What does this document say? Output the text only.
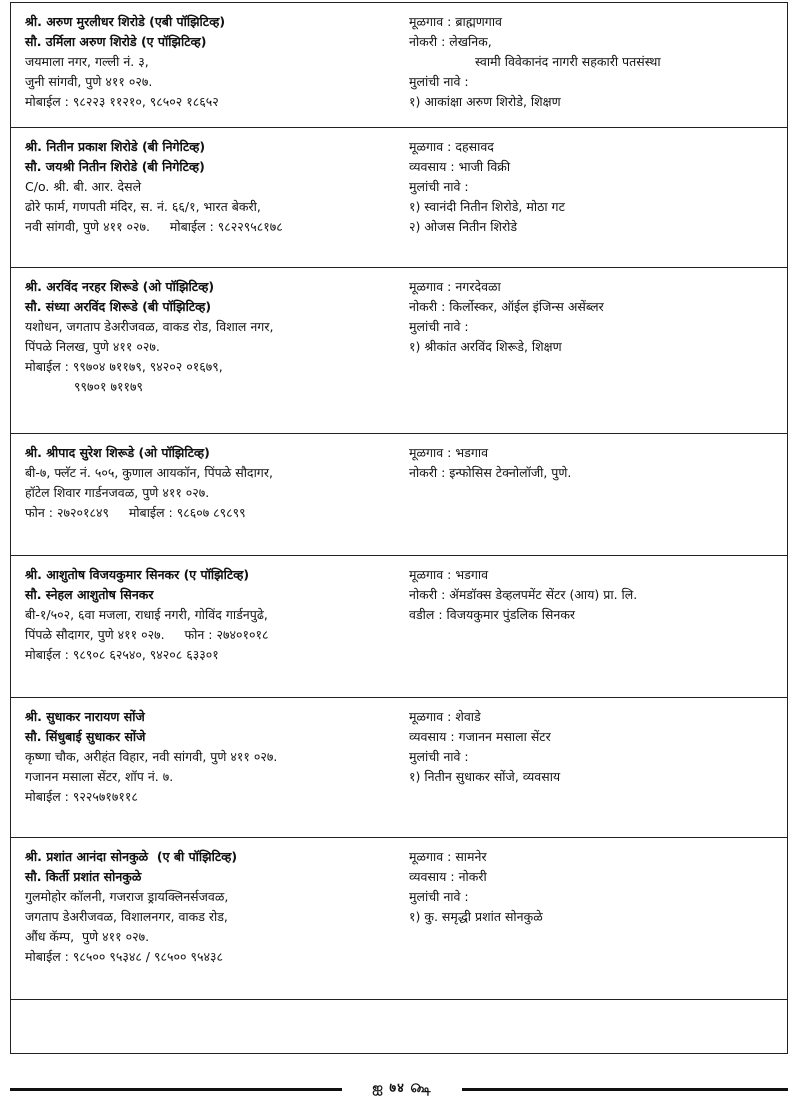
श्री. अरुण मुरलीधर शिरोडे (एबी पॉझिटिव्ह)
सौ. उर्मिला अरुण शिरोडे (ए पॉझिटिव्ह)
जयमाला नगर, गल्ली नं. ३,
जुनी सांगवी, पुणे ४११ ०२७.
मोबाईल : ९८२२३ ११२१०, ९८५०२ १८६५२
मूळगाव : ब्राह्मणगाव
नोकरी : लेखनिक,
स्वामी विवेकानंद नागरी सहकारी पतसंस्था
मुलांची नावे :
१) आकांक्षा अरुण शिरोडे, शिक्षण
श्री. नितीन प्रकाश शिरोडे (बी निगेटिव्ह)
सौ. जयश्री नितीन शिरोडे (बी निगेटिव्ह)
C/o. श्री. बी. आर. देसले
ढोरे फार्म, गणपती मंदिर, स. नं. ६६/१, भारत बेकरी,
नवी सांगवी, पुणे ४११ ०२७.     मोबाईल : ९८२२९५८१७८
मूळगाव : दहसावद
व्यवसाय : भाजी विक्री
मुलांची नावे :
१) स्वानंदी नितीन शिरोडे, मोठा गट
२) ओजस नितीन शिरोडे
श्री. अरविंद नरहर शिरूडे (ओ पॉझिटिव्ह)
सौ. संध्या अरविंद शिरूडे (बी पॉझिटिव्ह)
यशोधन, जगताप डेअरीजवळ, वाकड रोड, विशाल नगर,
पिंपळे निलख, पुणे ४११ ०२७.
मोबाईल : ९९७०४ ७११७९, ९४२०२ ०१६७९,
९९७०१ ७११७९
मूळगाव : नगरदेवळा
नोकरी : किर्लोस्कर, ऑईल इंजिन्स असेंब्लर
मुलांची नावे :
१) श्रीकांत अरविंद शिरूडे, शिक्षण
श्री. श्रीपाद सुरेश शिरूडे (ओ पॉझिटिव्ह)
बी-७, फ्लॅट नं. ५०५, कुणाल आयकॉन, पिंपळे सौदागर,
हॉटेल शिवार गार्डनजवळ, पुणे ४११ ०२७.
फोन : २७२०१८४९     मोबाईल : ९८६०७ ८९८९९
मूळगाव : भडगाव
नोकरी : इन्फोसिस टेक्नोलॉजी, पुणे.
श्री. आशुतोष विजयकुमार सिनकर (ए पॉझिटिव्ह)
सौ. स्नेहल आशुतोष सिनकर
बी-१/५०२, ६वा मजला, राधाई नगरी, गोविंद गार्डनपुढे,
पिंपळे सौदागर, पुणे ४११ ०२७.     फोन : २७४०१०१८
मोबाईल : ९८९०८ ६२५४०, ९४२०८ ६३३०१
मूळगाव : भडगाव
नोकरी : ॲमडॉक्स डेव्हलपमेंट सेंटर (आय) प्रा. लि.
वडील : विजयकुमार पुंडलिक सिनकर
श्री. सुधाकर नारायण सोंजे
सौ. सिंधुबाई सुधाकर सोंजे
कृष्णा चौक, अरीहंत विहार, नवी सांगवी, पुणे ४११ ०२७.
गजानन मसाला सेंटर, शॉप नं. ७.
मोबाईल : ९२२५७१७११८
मूळगाव : शेवाडे
व्यवसाय : गजानन मसाला सेंटर
मुलांची नावे :
१) नितीन सुधाकर सोंजे, व्यवसाय
श्री. प्रशांत आनंदा सोनकुळे  (ए बी पॉझिटिव्ह)
सौ. किर्ती प्रशांत सोनकुळे
गुलमोहोर कॉलनी, गजराज ड्रायक्लिनर्सजवळ,
जगताप डेअरीजवळ, विशालनगर, वाकड रोड,
औंध कॅम्प,  पुणे ४११ ०२७.
मोबाईल : ९८५०० ९५३४८ / ९८५०० ९५४३८
मूळगाव : सामनेर
व्यवसाय : नोकरी
मुलांची नावे :
१) कु. समृद्धी प्रशांत सोनकुळे
ஐ ७४ ௸
